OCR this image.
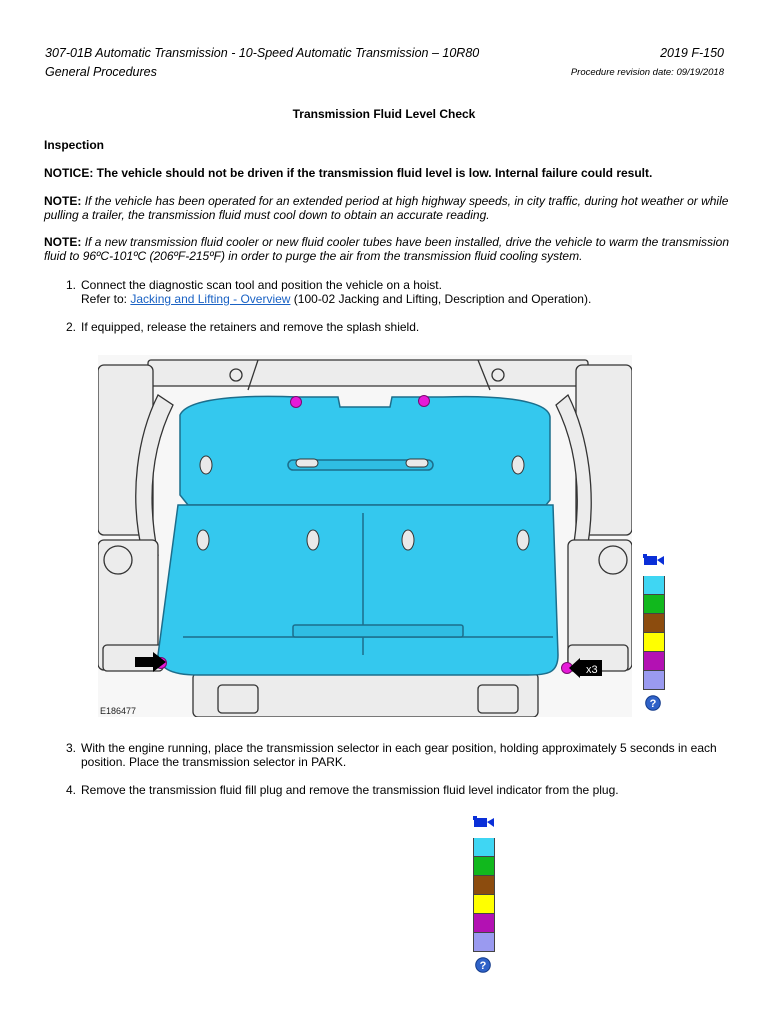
307-01B Automatic Transmission - 10-Speed Automatic Transmission – 10R80
General Procedures
2019 F-150
Procedure revision date: 09/19/2018
Transmission Fluid Level Check
Inspection
NOTICE: The vehicle should not be driven if the transmission fluid level is low. Internal failure could result.
NOTE: If the vehicle has been operated for an extended period at high highway speeds, in city traffic, during hot weather or while pulling a trailer, the transmission fluid must cool down to obtain an accurate reading.
NOTE: If a new transmission fluid cooler or new fluid cooler tubes have been installed, drive the vehicle to warm the transmission fluid to 96ºC-101ºC (206ºF-215ºF) in order to purge the air from the transmission fluid cooling system.
1. Connect the diagnostic scan tool and position the vehicle on a hoist.
Refer to: Jacking and Lifting - Overview (100-02 Jacking and Lifting, Description and Operation).
2. If equipped, release the retainers and remove the splash shield.
x3
E186477
?
3. With the engine running, place the transmission selector in each gear position, holding approximately 5 seconds in each position. Place the transmission selector in PARK.
4. Remove the transmission fluid fill plug and remove the transmission fluid level indicator from the plug.
?
